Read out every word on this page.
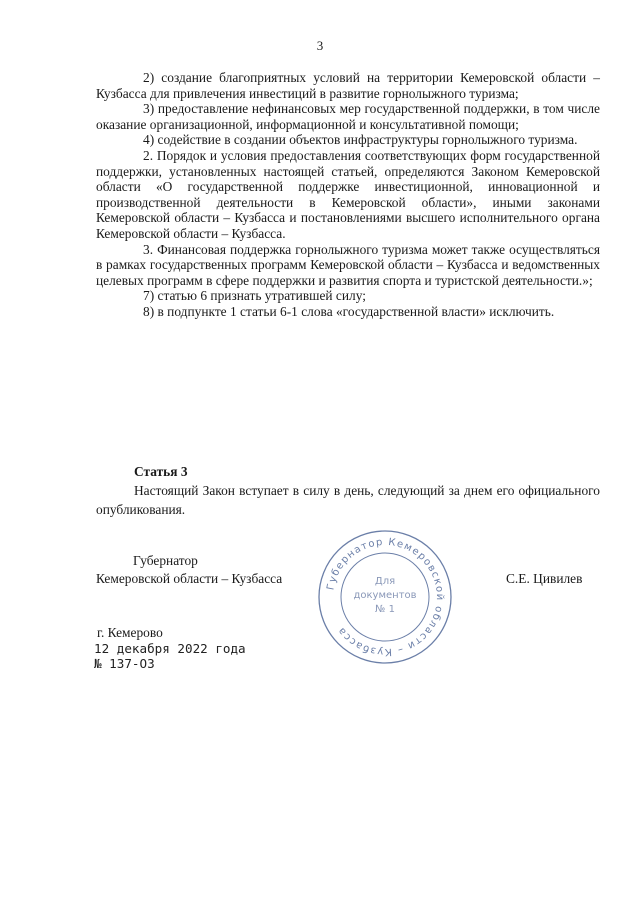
3

2) создание благоприятных условий на территории Кемеровской области – Кузбасса для привлечения инвестиций в развитие горнолыжного туризма;

3) предоставление нефинансовых мер государственной поддержки, в том числе оказание организационной, информационной и консультативной помощи;

4) содействие в создании объектов инфраструктуры горнолыжного туризма.

2. Порядок и условия предоставления соответствующих форм государственной поддержки, установленных настоящей статьей, определяются Законом Кемеровской области «О государственной поддержке инвестиционной, инновационной и производственной деятельности в Кемеровской области», иными законами Кемеровской области – Кузбасса и постановлениями высшего исполнительного органа Кемеровской области – Кузбасса.

3. Финансовая поддержка горнолыжного туризма может также осуществляться в рамках государственных программ Кемеровской области – Кузбасса и ведомственных целевых программ в сфере поддержки и развития спорта и туристской деятельности.»;

7) статью 6 признать утратившей силу;

8) в подпункте 1 статьи 6-1 слова «государственной власти» исключить.

Статья 3

Настоящий Закон вступает в силу в день, следующий за днем его официального опубликования.

Губернатор
Кемеровской области – Кузбасса	С.Е. Цивилев
Губернатор Кемеровской области – Кузбасса
Для
документов
№ 1
г. Кемерово
12 декабря 2022 года
№ 137-ОЗ
